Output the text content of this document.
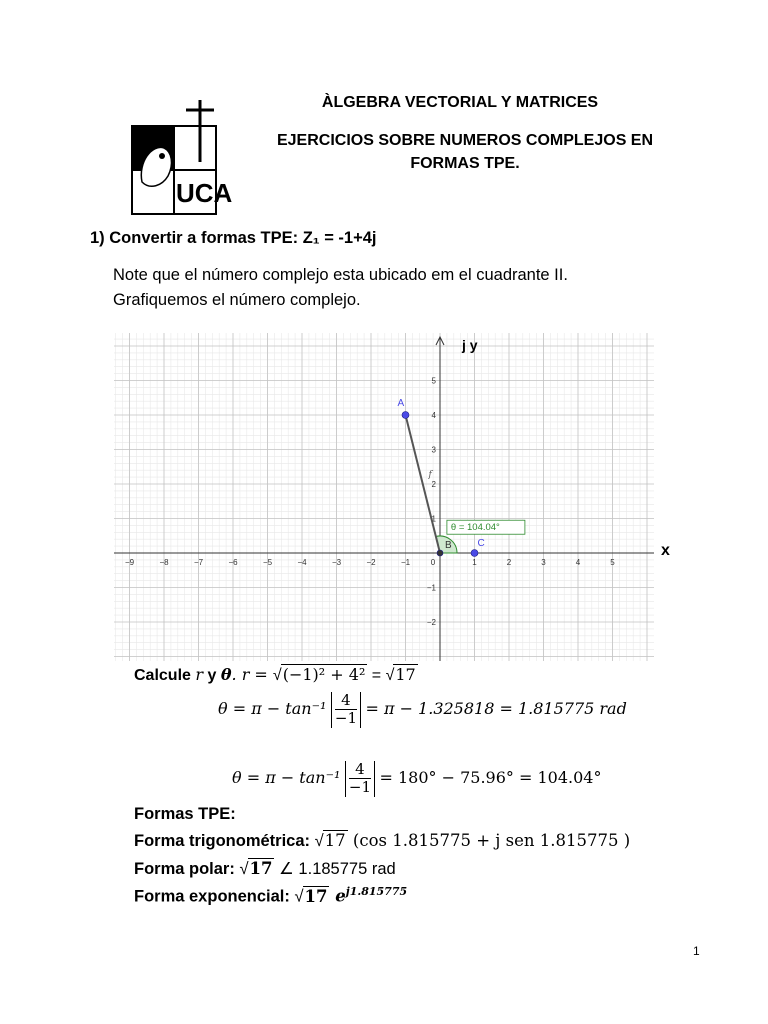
UCA
ÀLGEBRA VECTORIAL Y MATRICES
EJERCICIOS SOBRE NUMEROS COMPLEJOS EN
FORMAS TPE.
1) Convertir a formas TPE: Z₁ = -1+4j
Note que el número complejo esta ubicado em el cuadrante II.
Grafiquemos el número complejo.
−9	−8	−7	−6	−5	−4	−3	−2	−1	0	1	2	3	4	5
5
4
3
2
1
−1
−2
f
θ = 104.04°
A
B	C
j y
x
Calcule r y θ. r = √(−1)² + 4² = √17
$\theta = \pi - \tan^{-1} \frac{4}{-1} = \pi - 1.325818 = 1.815775$ rad
$\theta = \pi - \tan^{-1} \frac{4}{-1} = 180^\circ - 75.96^\circ = 104.04^\circ$
Formas TPE:
Forma trigonométrica: √17 (cos 1.815775 + j sen 1.815775 )
Forma polar: √17 ∠ 1.185775 rad
Forma exponencial: √17 $e^{j1.815775}$
1
